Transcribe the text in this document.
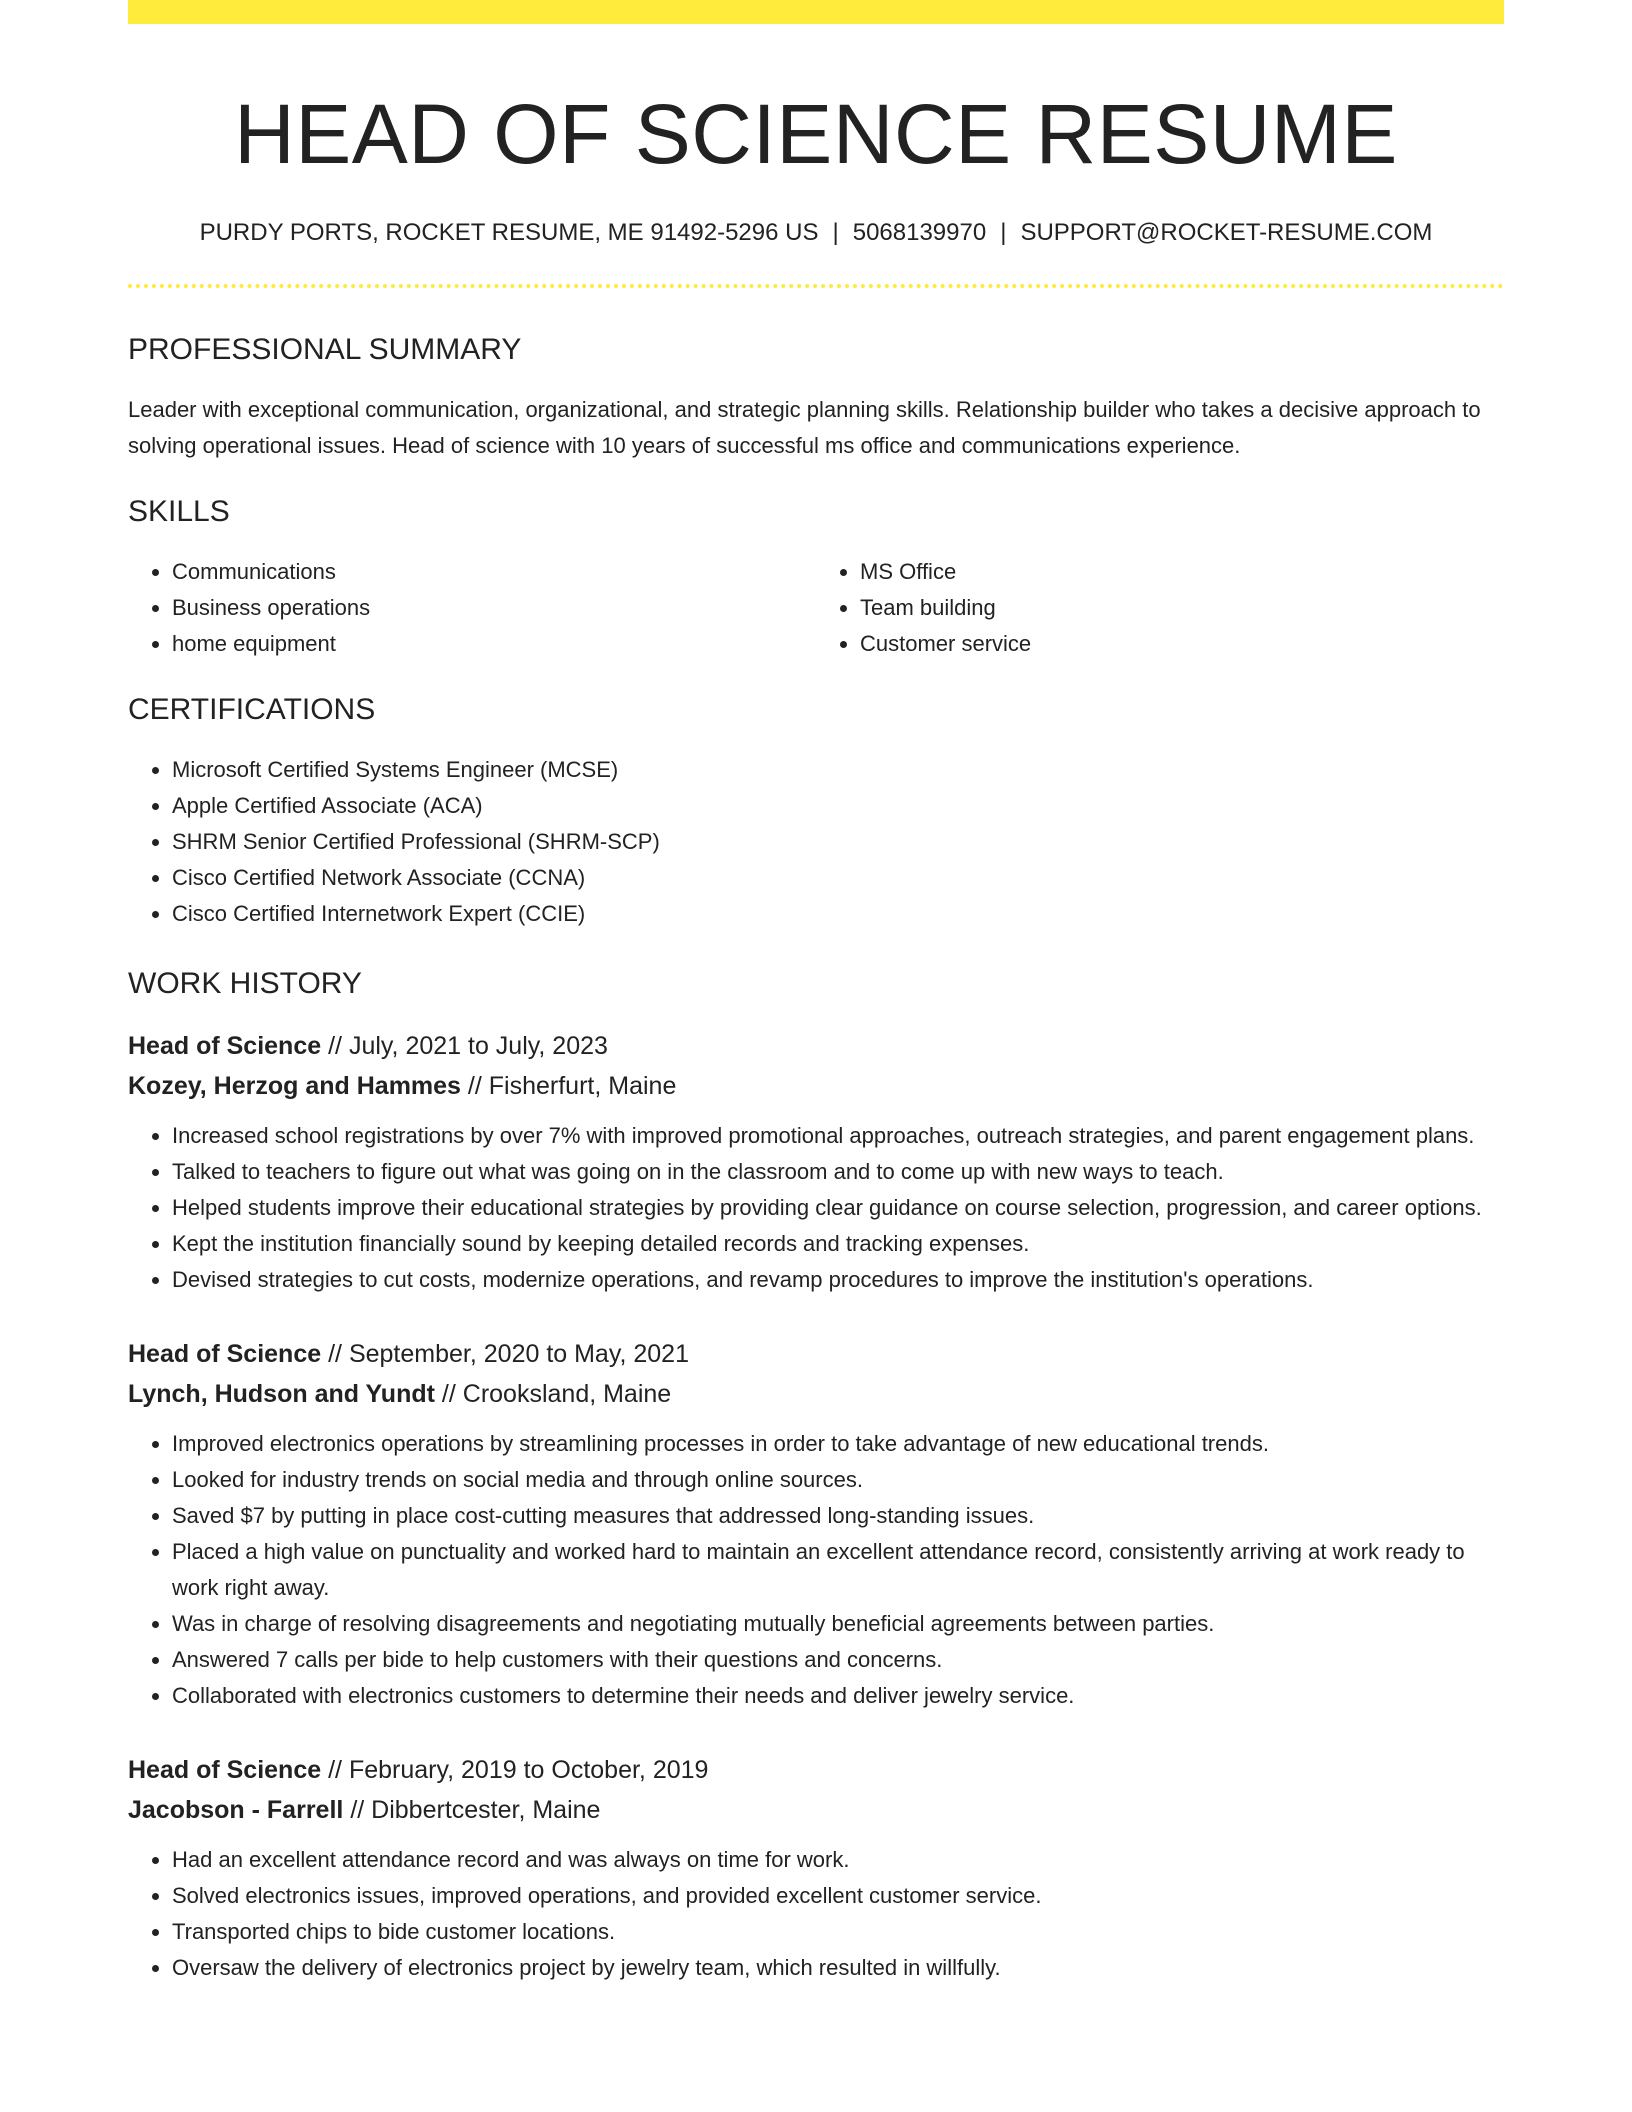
HEAD OF SCIENCE RESUME
PURDY PORTS, ROCKET RESUME, ME 91492-5296 US | 5068139970 | SUPPORT@ROCKET-RESUME.COM
PROFESSIONAL SUMMARY

Leader with exceptional communication, organizational, and strategic planning skills. Relationship builder who takes a decisive approach to solving operational issues. Head of science with 10 years of successful ms office and communications experience.

SKILLS
• Communications
• Business operations
• home equipment
• MS Office
• Team building
• Customer service
CERTIFICATIONS
• Microsoft Certified Systems Engineer (MCSE)
• Apple Certified Associate (ACA)
• SHRM Senior Certified Professional (SHRM-SCP)
• Cisco Certified Network Associate (CCNA)
• Cisco Certified Internetwork Expert (CCIE)
WORK HISTORY
Head of Science // July, 2021 to July, 2023
Kozey, Herzog and Hammes // Fisherfurt, Maine
• Increased school registrations by over 7% with improved promotional approaches, outreach strategies, and parent engagement plans.
• Talked to teachers to figure out what was going on in the classroom and to come up with new ways to teach.
• Helped students improve their educational strategies by providing clear guidance on course selection, progression, and career options.
• Kept the institution financially sound by keeping detailed records and tracking expenses.
• Devised strategies to cut costs, modernize operations, and revamp procedures to improve the institution's operations.
Head of Science // September, 2020 to May, 2021
Lynch, Hudson and Yundt // Crooksland, Maine
• Improved electronics operations by streamlining processes in order to take advantage of new educational trends.
• Looked for industry trends on social media and through online sources.
• Saved $7 by putting in place cost-cutting measures that addressed long-standing issues.
• Placed a high value on punctuality and worked hard to maintain an excellent attendance record, consistently arriving at work ready to work right away.
• Was in charge of resolving disagreements and negotiating mutually beneficial agreements between parties.
• Answered 7 calls per bide to help customers with their questions and concerns.
• Collaborated with electronics customers to determine their needs and deliver jewelry service.
Head of Science // February, 2019 to October, 2019
Jacobson - Farrell // Dibbertcester, Maine
• Had an excellent attendance record and was always on time for work.
• Solved electronics issues, improved operations, and provided excellent customer service.
• Transported chips to bide customer locations.
• Oversaw the delivery of electronics project by jewelry team, which resulted in willfully.
